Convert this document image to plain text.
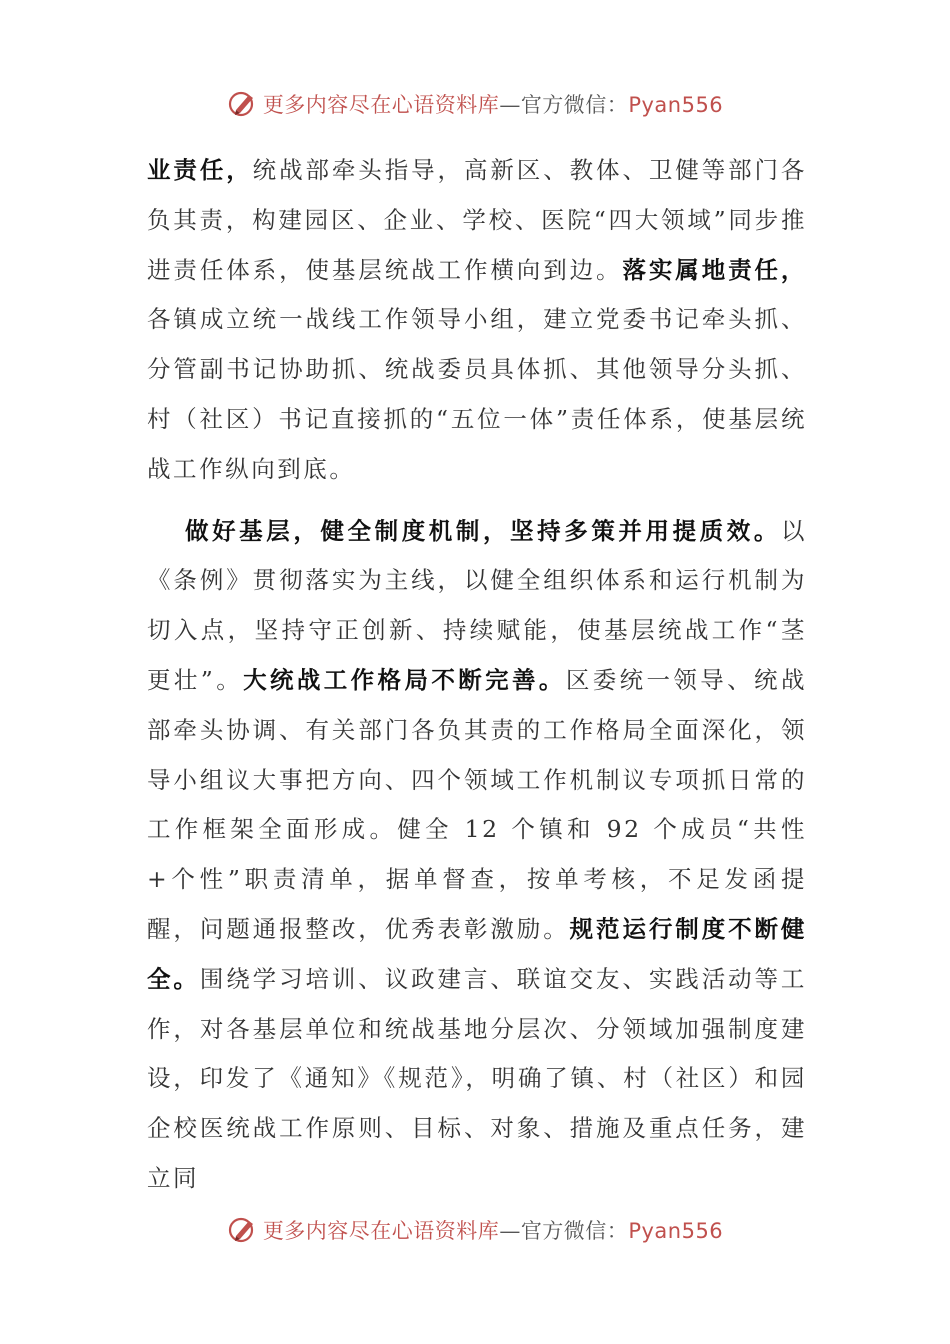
更多内容尽在心语资料库—官方微信：Pyan556

业责任，统战部牵头指导，高新区、教体、卫健等部门各负其责，构建园区、企业、学校、医院“四大领域”同步推进责任体系，使基层统战工作横向到边。落实属地责任，各镇成立统一战线工作领导小组，建立党委书记牵头抓、分管副书记协助抓、统战委员具体抓、其他领导分头抓、村（社区）书记直接抓的“五位一体”责任体系，使基层统战工作纵向到底。

做好基层，健全制度机制，坚持多策并用提质效。以《条例》贯彻落实为主线，以健全组织体系和运行机制为切入点，坚持守正创新、持续赋能，使基层统战工作“茎更壮”。大统战工作格局不断完善。区委统一领导、统战部牵头协调、有关部门各负其责的工作格局全面深化，领导小组议大事把方向、四个领域工作机制议专项抓日常的工作框架全面形成。健全 12 个镇和 92 个成员“共性+个性”职责清单，据单督查，按单考核，不足发函提醒，问题通报整改，优秀表彰激励。规范运行制度不断健全。围绕学习培训、议政建言、联谊交友、实践活动等工作，对各基层单位和统战基地分层次、分领域加强制度建设，印发了《通知》《规范》，明确了镇、村（社区）和园企校医统战工作原则、目标、对象、措施及重点任务，建立同

更多内容尽在心语资料库—官方微信：Pyan556
